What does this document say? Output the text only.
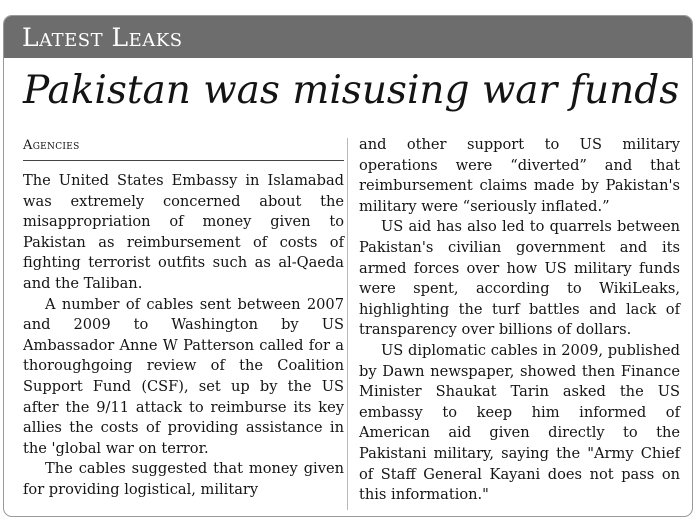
Latest Leaks
Pakistan was misusing war funds
Agencies

The United States Embassy in Islamabad was extremely concerned about the misappropriation of money given to Pakistan as reimbursement of costs of fighting terrorist outfits such as al-Qaeda and the Taliban.

A number of cables sent between 2007 and 2009 to Washington by US Ambassador Anne W Patterson called for a thoroughgoing review of the Coalition Support Fund (CSF), set up by the US after the 9/11 attack to reimburse its key allies the costs of providing assistance in the 'global war on terror.

The cables suggested that money given for providing logistical, military

and other support to US military operations were “diverted” and that reimbursement claims made by Pakistan's military were “seriously inflated.”

US aid has also led to quarrels between Pakistan's civilian government and its armed forces over how US military funds were spent, according to WikiLeaks, highlighting the turf battles and lack of transparency over billions of dollars.

US diplomatic cables in 2009, published by Dawn newspaper, showed then Finance Minister Shaukat Tarin asked the US embassy to keep him informed of American aid given directly to the Pakistani military, saying the "Army Chief of Staff General Kayani does not pass on this information."
